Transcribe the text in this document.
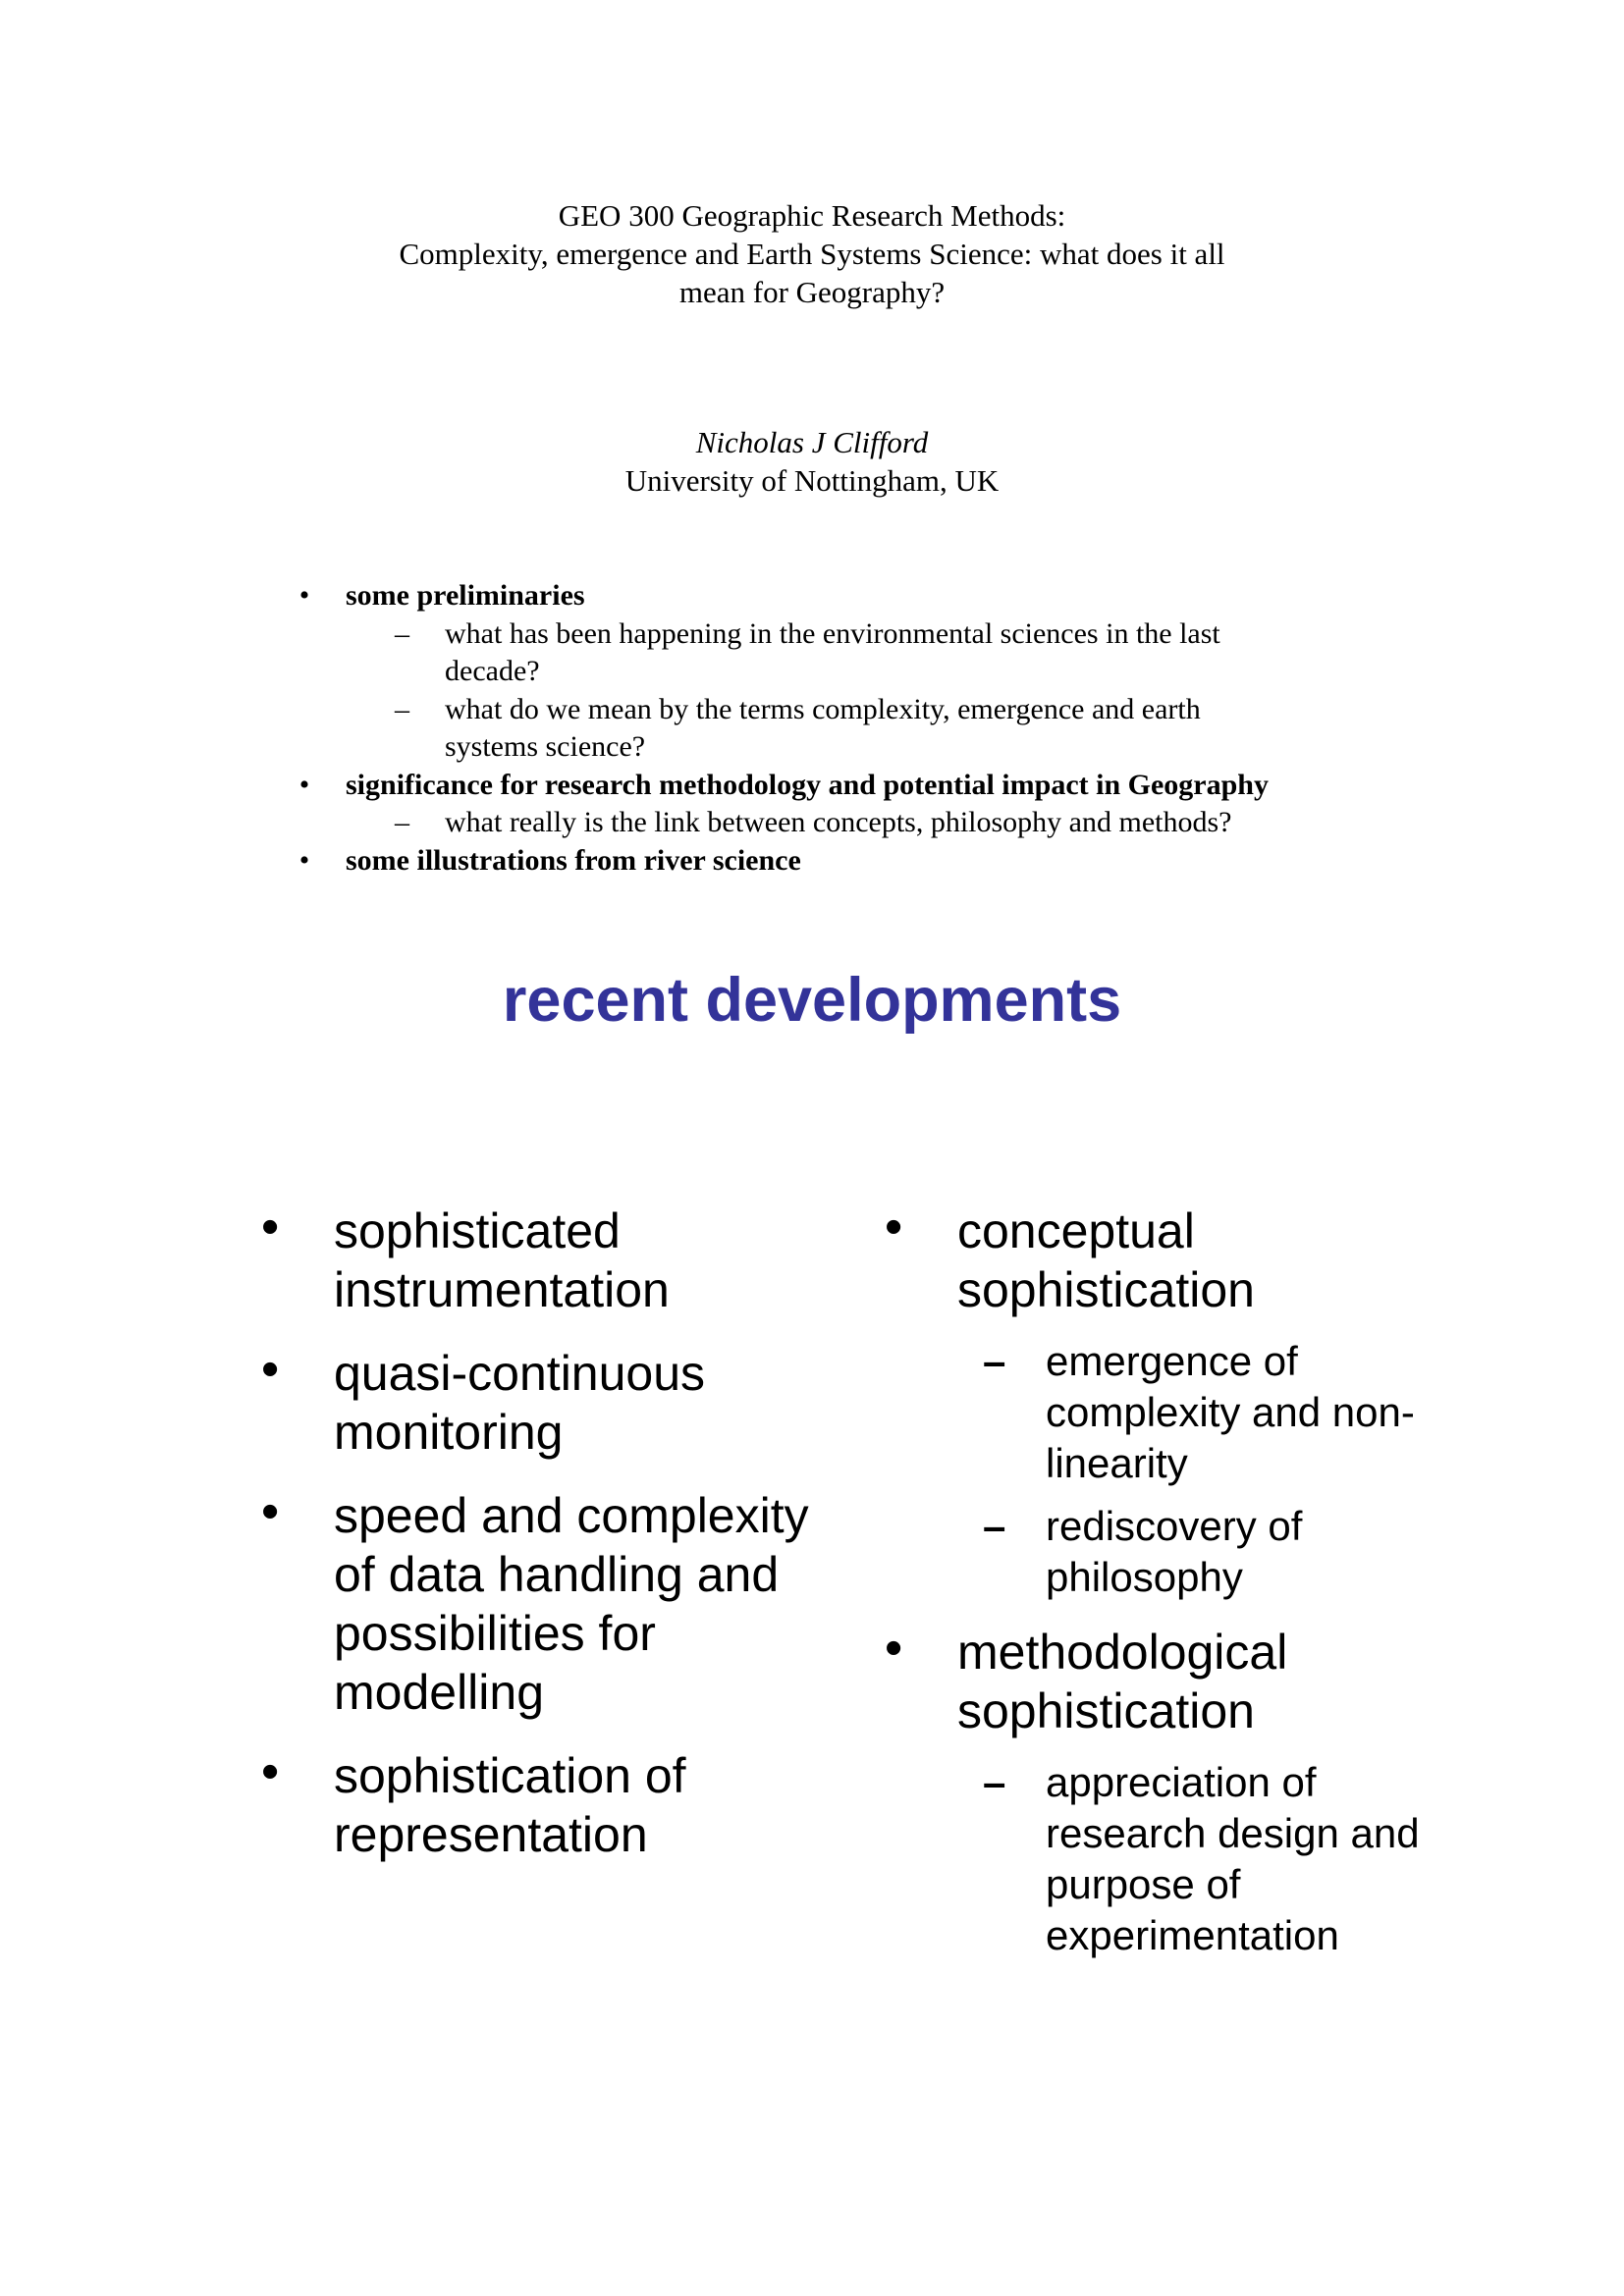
GEO 300 Geographic Research Methods:
Complexity, emergence and Earth Systems Science: what does it all
mean for Geography?
Nicholas J Clifford
University of Nottingham, UK
• some preliminaries
– what has been happening in the environmental sciences in the last
decade?
– what do we mean by the terms complexity, emergence and earth
systems science?
• significance for research methodology and potential impact in Geography
– what really is the link between concepts, philosophy and methods?
• some illustrations from river science
recent developments
• sophisticated
instrumentation
• quasi-continuous
monitoring
• speed and complexity
of data handling and
possibilities for
modelling
• sophistication of
representation
• conceptual
sophistication
– emergence of
complexity and non-
linearity
– rediscovery of
philosophy
• methodological
sophistication
– appreciation of
research design and
purpose of
experimentation
